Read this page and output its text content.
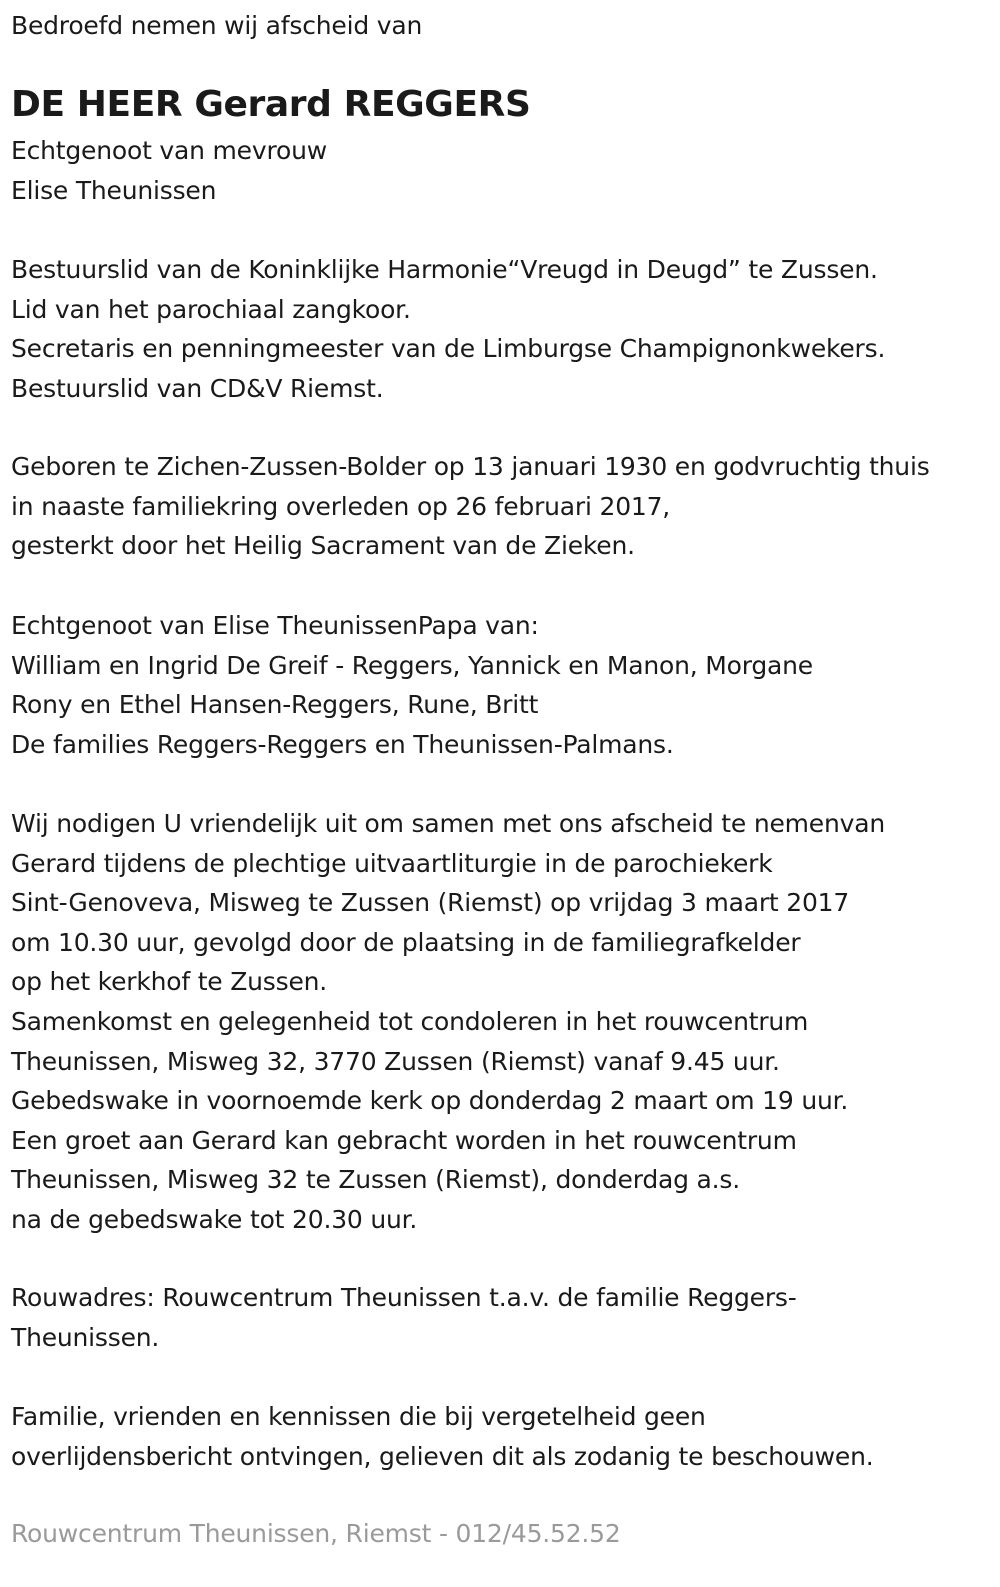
Bedroefd nemen wij afscheid van
DE HEER Gerard REGGERS
Echtgenoot van mevrouw
Elise Theunissen
Bestuurslid van de Koninklijke Harmonie“Vreugd in Deugd” te Zussen.
Lid van het parochiaal zangkoor.
Secretaris en penningmeester van de Limburgse Champignonkwekers.
Bestuurslid van CD&V Riemst.
Geboren te Zichen-Zussen-Bolder op 13 januari 1930 en godvruchtig thuis
in naaste familiekring overleden op 26 februari 2017,
gesterkt door het Heilig Sacrament van de Zieken.
Echtgenoot van Elise TheunissenPapa van:
William en Ingrid De Greif - Reggers, Yannick en Manon, Morgane
Rony en Ethel Hansen-Reggers, Rune, Britt
De families Reggers-Reggers en Theunissen-Palmans.
Wij nodigen U vriendelijk uit om samen met ons afscheid te nemenvan
Gerard tijdens de plechtige uitvaartliturgie in de parochiekerk
Sint-Genoveva, Misweg te Zussen (Riemst) op vrijdag 3 maart 2017
om 10.30 uur, gevolgd door de plaatsing in de familiegrafkelder
op het kerkhof te Zussen.
Samenkomst en gelegenheid tot condoleren in het rouwcentrum
Theunissen, Misweg 32, 3770 Zussen (Riemst) vanaf 9.45 uur.
Gebedswake in voornoemde kerk op donderdag 2 maart om 19 uur.
Een groet aan Gerard kan gebracht worden in het rouwcentrum
Theunissen, Misweg 32 te Zussen (Riemst), donderdag a.s.
na de gebedswake tot 20.30 uur.
Rouwadres: Rouwcentrum Theunissen t.a.v. de familie Reggers-
Theunissen.
Familie, vrienden en kennissen die bij vergetelheid geen
overlijdensbericht ontvingen, gelieven dit als zodanig te beschouwen.
Rouwcentrum Theunissen, Riemst - 012/45.52.52
